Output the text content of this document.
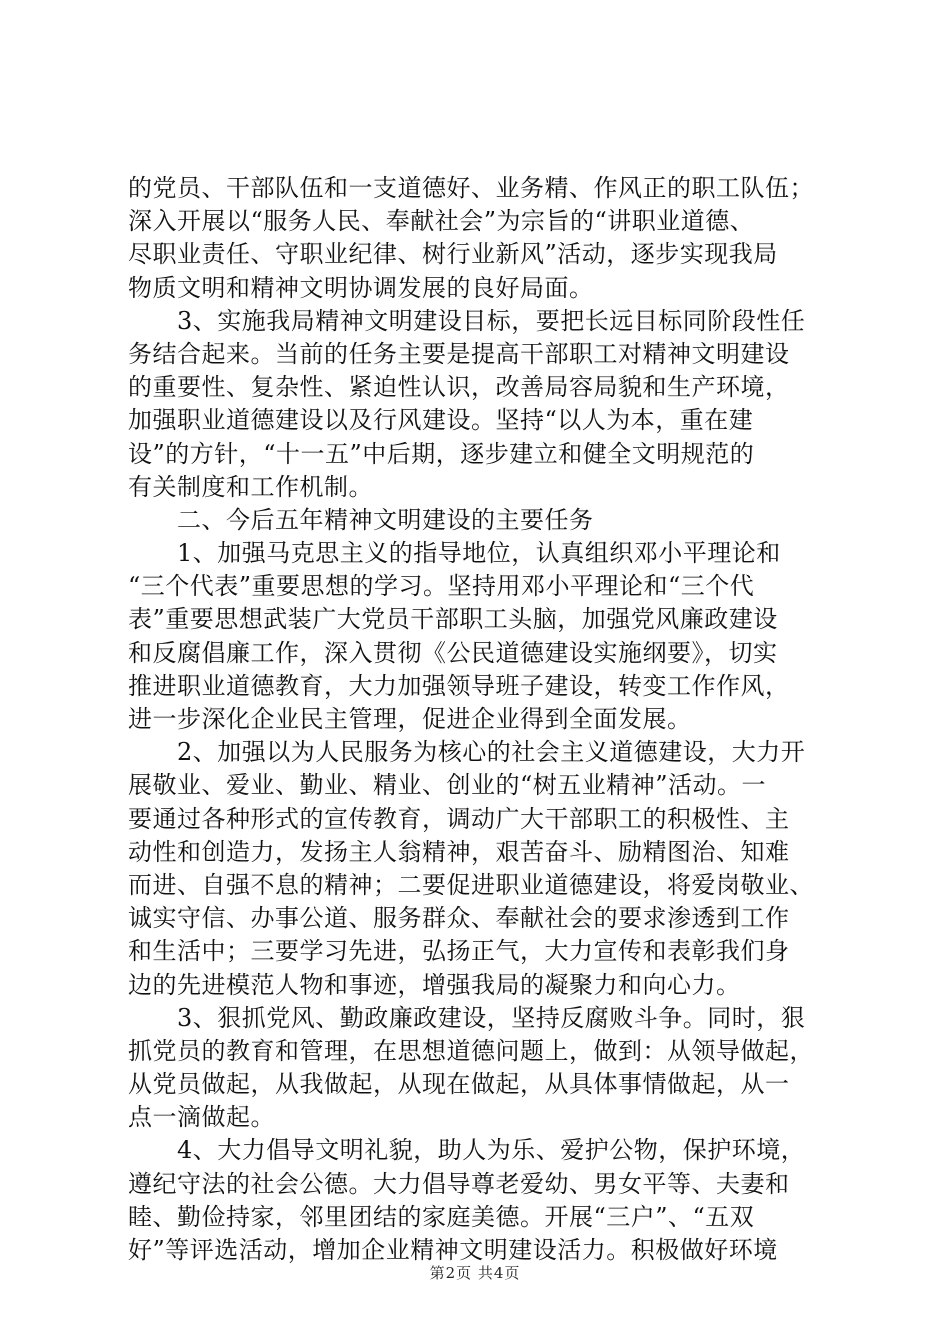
的党员、干部队伍和一支道德好、业务精、作风正的职工队伍；
深入开展以“服务人民、奉献社会”为宗旨的“讲职业道德、
尽职业责任、守职业纪律、树行业新风”活动，逐步实现我局
物质文明和精神文明协调发展的良好局面。
　　3、实施我局精神文明建设目标，要把长远目标同阶段性任
务结合起来。当前的任务主要是提高干部职工对精神文明建设
的重要性、复杂性、紧迫性认识，改善局容局貌和生产环境，
加强职业道德建设以及行风建设。坚持“以人为本，重在建
设”的方针，“十一五”中后期，逐步建立和健全文明规范的
有关制度和工作机制。
　　二、今后五年精神文明建设的主要任务
　　1、加强马克思主义的指导地位，认真组织邓小平理论和
“三个代表”重要思想的学习。坚持用邓小平理论和“三个代
表”重要思想武装广大党员干部职工头脑，加强党风廉政建设
和反腐倡廉工作，深入贯彻《公民道德建设实施纲要》，切实
推进职业道德教育，大力加强领导班子建设，转变工作作风，
进一步深化企业民主管理，促进企业得到全面发展。
　　2、加强以为人民服务为核心的社会主义道德建设，大力开
展敬业、爱业、勤业、精业、创业的“树五业精神”活动。一
要通过各种形式的宣传教育，调动广大干部职工的积极性、主
动性和创造力，发扬主人翁精神，艰苦奋斗、励精图治、知难
而进、自强不息的精神；二要促进职业道德建设，将爱岗敬业、
诚实守信、办事公道、服务群众、奉献社会的要求渗透到工作
和生活中；三要学习先进，弘扬正气，大力宣传和表彰我们身
边的先进模范人物和事迹，增强我局的凝聚力和向心力。
　　3、狠抓党风、勤政廉政建设，坚持反腐败斗争。同时，狠
抓党员的教育和管理，在思想道德问题上，做到：从领导做起，
从党员做起，从我做起，从现在做起，从具体事情做起，从一
点一滴做起。
　　4、大力倡导文明礼貌，助人为乐、爱护公物，保护环境，
遵纪守法的社会公德。大力倡导尊老爱幼、男女平等、夫妻和
睦、勤俭持家，邻里团结的家庭美德。开展“三户”、“五双
好”等评选活动，增加企业精神文明建设活力。积极做好环境
第2页 共4页
